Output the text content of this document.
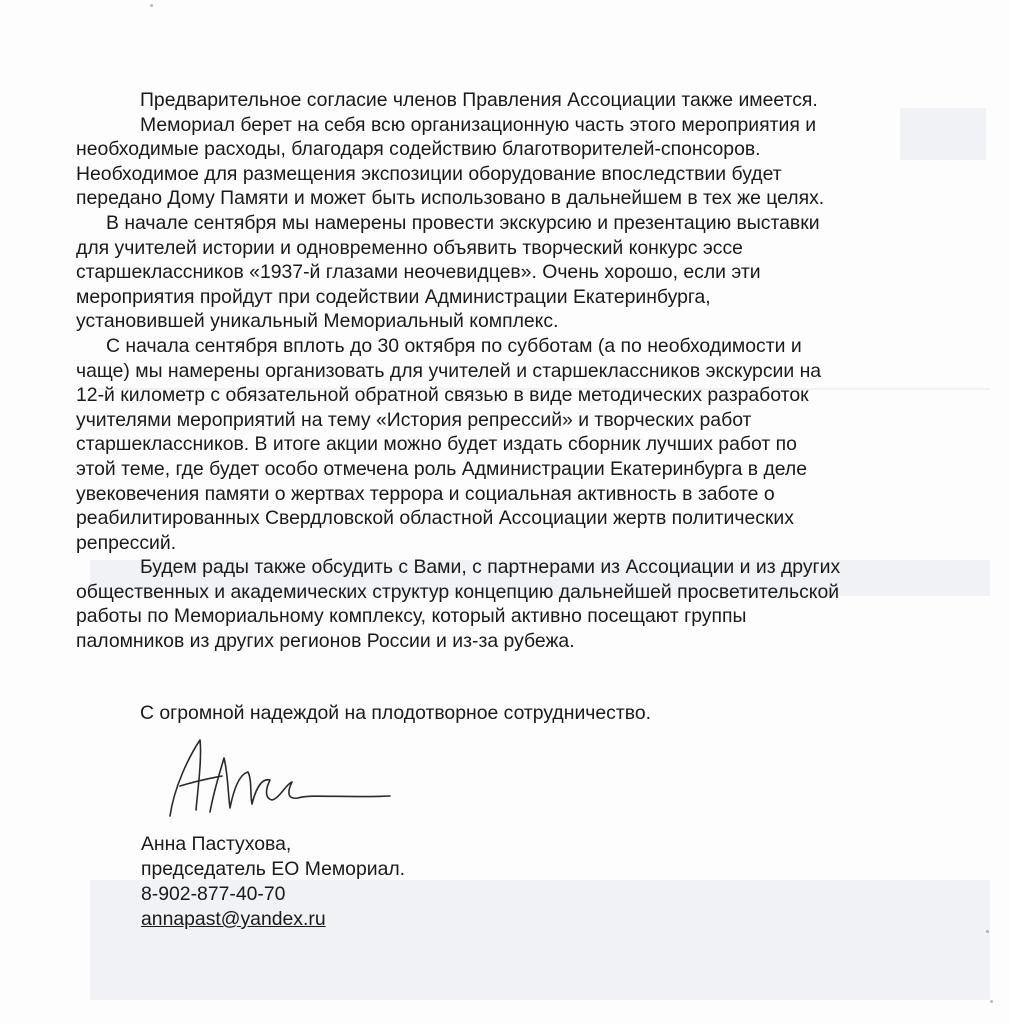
Предварительное согласие членов Правления Ассоциации также имеется.
Мемориал берет на себя всю организационную часть этого мероприятия и
необходимые расходы, благодаря содействию благотворителей-спонсоров.
Необходимое для размещения экспозиции оборудование впоследствии будет
передано Дому Памяти и может быть использовано в дальнейшем в тех же целях.
В начале сентября мы намерены провести экскурсию и презентацию выставки
для учителей истории и одновременно объявить творческий конкурс эссе
старшеклассников «1937-й глазами неочевидцев». Очень хорошо, если эти
мероприятия пройдут при содействии Администрации Екатеринбурга,
установившей уникальный Мемориальный комплекс.
С начала сентября вплоть до 30 октября по субботам (а по необходимости и
чаще) мы намерены организовать для учителей и старшеклассников экскурсии на
12-й километр с обязательной обратной связью в виде методических разработок
учителями мероприятий на тему «История репрессий» и творческих работ
старшеклассников. В итоге акции можно будет издать сборник лучших работ по
этой теме, где будет особо отмечена роль Администрации Екатеринбурга в деле
увековечения памяти о жертвах террора и социальная активность в заботе о
реабилитированных Свердловской областной Ассоциации жертв политических
репрессий.
Будем рады также обсудить с Вами, с партнерами из Ассоциации и из других
общественных и академических структур концепцию дальнейшей просветительской
работы по Мемориальному комплексу, который активно посещают группы
паломников из других регионов России и из-за рубежа.
С огромной надеждой на плодотворное сотрудничество.
Анна Пастухова,
председатель ЕО Мемориал.
8-902-877-40-70
annapast@yandex.ru
